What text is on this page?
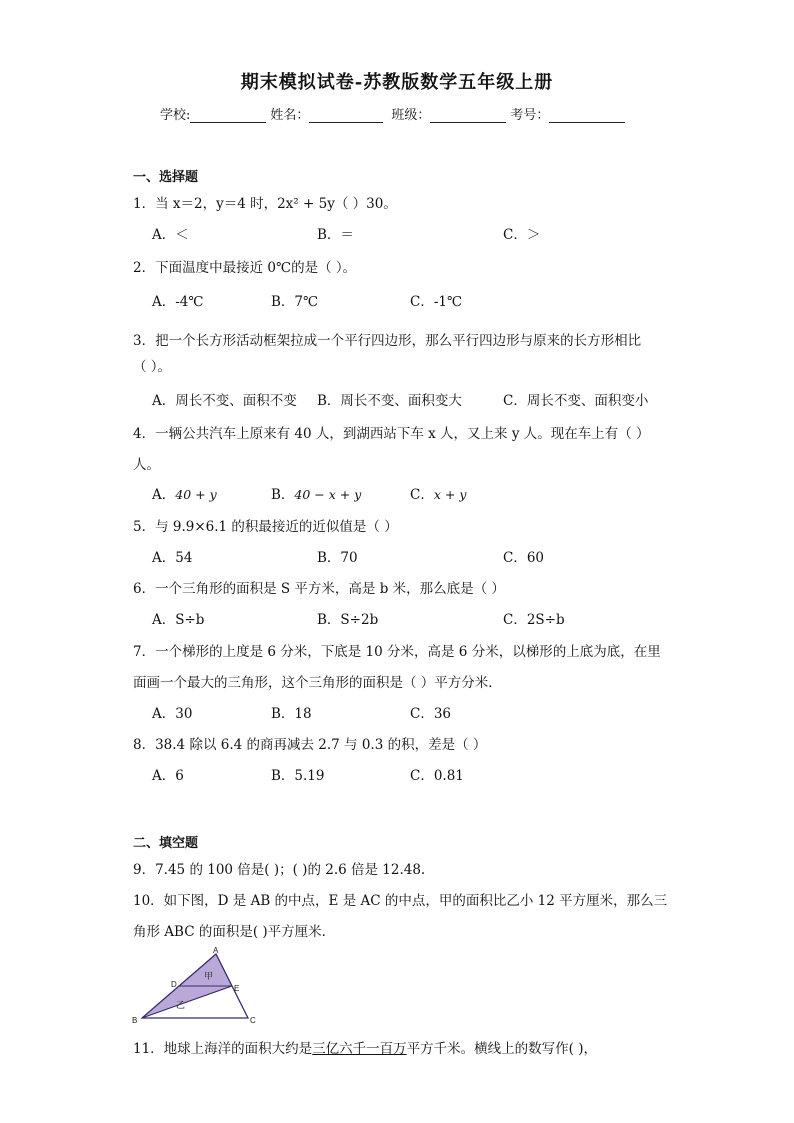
期末模拟试卷-苏教版数学五年级上册
学校:	姓名：	班级：	考号：
一、选择题
1．当 x＝2，y＝4 时，2x² + 5y（ ）30。
A．＜	B．＝	C．＞
2．下面温度中最接近 0℃的是（ ）。
A．-4℃	B．7℃	C．-1℃
3．把一个长方形活动框架拉成一个平行四边形，那么平行四边形与原来的长方形相比
（ ）。
A．周长不变、面积不变 B．周长不变、面积变大	C．周长不变、面积变小
4．一辆公共汽车上原来有 40 人，到湖西站下车 x 人，又上来 y 人。现在车上有（ ）
人。
A．40 + y	B．40 − x + y	C．x + y
5．与 9.9×6.1 的积最接近的近似值是（ ）
A．54	B．70	C．60
6．一个三角形的面积是 S 平方米，高是 b 米，那么底是（ ）
A．S÷b	B．S÷2b	C．2S÷b
7．一个梯形的上度是 6 分米，下底是 10 分米，高是 6 分米，以梯形的上底为底，在里
面画一个最大的三角形，这个三角形的面积是（ ）平方分米．
A．30	B．18	C．36
8．38.4 除以 6.4 的商再减去 2.7 与 0.3 的积，差是（ ）
A．6	B．5.19	C．0.81
二、填空题
9．7.45 的 100 倍是( )；( )的 2.6 倍是 12.48.
10．如下图，D 是 AB 的中点，E 是 AC 的中点，甲的面积比乙小 12 平方厘米，那么三
角形 ABC 的面积是( )平方厘米．
A
B	C
D	E
甲
乙
11．地球上海洋的面积大约是三亿六千一百万平方千米。横线上的数写作( )，
